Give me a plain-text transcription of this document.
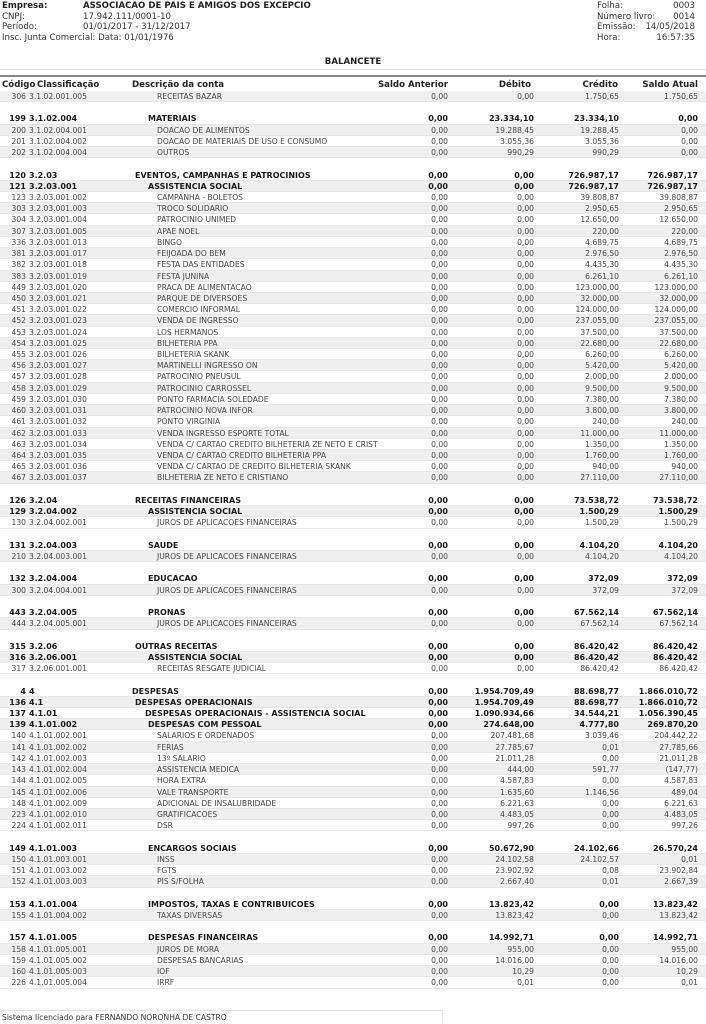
Empresa:	ASSOCIACAO DE PAIS E AMIGOS DOS EXCEPCIO
CNPJ:	17.942.111/0001-10
Período:	01/01/2017 - 31/12/2017
Insc. Junta Comercial: Data: 01/01/1976
Folha:	0003
Número livro: 0014
Emissão: 14/05/2018
Hora:	16:57:35
BALANCETE
Código Classificação	Descrição da conta	Saldo Anterior	Débito	Crédito	Saldo Atual
306 3.1.02.001.005	RECEITAS BAZAR	0,00	0,00	1.750,65	1.750,65
199 3.1.02.004	MATERIAIS	0,00	23.334,10	23.334,10	0,00
200 3.1.02.004.001	DOACAO DE ALIMENTOS	0,00	19.288,45	19.288,45	0,00
201 3.1.02.004.002	DOACAO DE MATERIAIS DE USO E CONSUMO	0,00	3.055,36	3.055,36	0,00
202 3.1.02.004.004	OUTROS	0,00	990,29	990,29	0,00
120 3.2.03	EVENTOS, CAMPANHAS E PATROCINIOS	0,00	0,00	726.987,17	726.987,17
121 3.2.03.001	ASSISTENCIA SOCIAL	0,00	0,00	726.987,17	726.987,17
123 3.2.03.001.002	CAMPANHA - BOLETOS	0,00	0,00	39.808,87	39.808,87
303 3.2.03.001.003	TROCO SOLIDARIO	0,00	0,00	2.950,65	2.950,65
304 3.2.03.001.004	PATROCINIO UNIMED	0,00	0,00	12.650,00	12.650,00
307 3.2.03.001.005	APAE NOEL	0,00	0,00	220,00	220,00
336 3.2.03.001.013	BINGO	0,00	0,00	4.689,75	4.689,75
381 3.2.03.001.017	FEIJOADA DO BEM	0,00	0,00	2.976,50	2.976,50
382 3.2.03.001.018	FESTA DAS ENTIDADES	0,00	0,00	4.435,30	4.435,30
383 3.2.03.001.019	FESTA JUNINA	0,00	0,00	6.261,10	6.261,10
449 3.2.03.001.020	PRACA DE ALIMENTACAO	0,00	0,00	123.000,00	123.000,00
450 3.2.03.001.021	PARQUE DE DIVERSOES	0,00	0,00	32.000,00	32.000,00
451 3.2.03.001.022	COMERCIO INFORMAL	0,00	0,00	124.000,00	124.000,00
452 3.2.03.001.023	VENDA DE INGRESSO	0,00	0,00	237.055,00	237.055,00
453 3.2.03.001.024	LOS HERMANOS	0,00	0,00	37.500,00	37.500,00
454 3.2.03.001.025	BILHETERIA PPA	0,00	0,00	22.680,00	22.680,00
455 3.2.03.001.026	BILHETERIA SKANK	0,00	0,00	6.260,00	6.260,00
456 3.2.03.001.027	MARTINELLI INGRESSO ON	0,00	0,00	5.420,00	5.420,00
457 3.2.03.001.028	PATROCINIO PNEUSUL	0,00	0,00	2.000,00	2.000,00
458 3.2.03.001.029	PATROCINIO CARROSSEL	0,00	0,00	9.500,00	9.500,00
459 3.2.03.001.030	PONTO FARMACIA SOLEDADE	0,00	0,00	7.380,00	7.380,00
460 3.2.03.001.031	PATROCINIO NOVA INFOR	0,00	0,00	3.800,00	3.800,00
461 3.2.03.001.032	PONTO VIRGINIA	0,00	0,00	240,00	240,00
462 3.2.03.001.033	VENDA INGRESSO ESPORTE TOTAL	0,00	0,00	11.000,00	11.000,00
463 3.2.03.001.034	VENDA C/ CARTAO CREDITO BILHETERIA ZE NETO E CRIST	0,00	0,00	1.350,00	1.350,00
464 3.2.03.001.035	VENDA C/ CARTAO CREDITO BILHETERIA PPA	0,00	0,00	1.760,00	1.760,00
465 3.2.03.001.036	VENDA C/ CARTAO DE CREDITO BILHETERIA SKANK	0,00	0,00	940,00	940,00
467 3.2.03.001.037	BILHETERIA ZE NETO E CRISTIANO	0,00	0,00	27.110,00	27.110,00
126 3.2.04	RECEITAS FINANCEIRAS	0,00	0,00	73.538,72	73.538,72
129 3.2.04.002	ASSISTENCIA SOCIAL	0,00	0,00	1.500,29	1.500,29
130 3.2.04.002.001	JUROS DE APLICACOES FINANCEIRAS	0,00	0,00	1.500,29	1.500,29
131 3.2.04.003	SAUDE	0,00	0,00	4.104,20	4.104,20
210 3.2.04.003.001	JUROS DE APLICACOES FINANCEIRAS	0,00	0,00	4.104,20	4.104,20
132 3.2.04.004	EDUCACAO	0,00	0,00	372,09	372,09
300 3.2.04.004.001	JUROS DE APLICACOES FINANCEIRAS	0,00	0,00	372,09	372,09
443 3.2.04.005	PRONAS	0,00	0,00	67.562,14	67.562,14
444 3.2.04.005.001	JUROS DE APLICACOES FINANCEIRAS	0,00	0,00	67.562,14	67.562,14
315 3.2.06	OUTRAS RECEITAS	0,00	0,00	86.420,42	86.420,42
316 3.2.06.001	ASSISTENCIA SOCIAL	0,00	0,00	86.420,42	86.420,42
317 3.2.06.001.001	RECEITAS RESGATE JUDICIAL	0,00	0,00	86.420,42	86.420,42
4 4	DESPESAS	0,00	1.954.709,49	88.698,77 1.866.010,72
136 4.1	DESPESAS OPERACIONAIS	0,00	1.954.709,49	88.698,77 1.866.010,72
137 4.1.01	DESPESAS OPERACIONAIS - ASSISTENCIA SOCIAL	0,00	1.090.934,66	34.544,21 1.056.390,45
139 4.1.01.002	DESPESAS COM PESSOAL	0,00	274.648,00	4.777,80	269.870,20
140 4.1.01.002.001	SALARIOS E ORDENADOS	0,00	207.481,68	3.039,46	204.442,22
141 4.1.01.002.002	FERIAS	0,00	27.785,67	0,01	27.785,66
142 4.1.01.002.003	13º SALARIO	0,00	21.011,28	0,00	21.011,28
143 4.1.01.002.004	ASSISTENCIA MEDICA	0,00	444,00	591,77	(147,77)
144 4.1.01.002.005	HORA EXTRA	0,00	4.587,83	0,00	4.587,83
145 4.1.01.002.006	VALE TRANSPORTE	0,00	1.635,60	1.146,56	489,04
148 4.1.01.002.009	ADICIONAL DE INSALUBRIDADE	0,00	6.221,63	0,00	6.221,63
223 4.1.01.002.010	GRATIFICACOES	0,00	4.483,05	0,00	4.483,05
224 4.1.01.002.011	DSR	0,00	997,26	0,00	997,26
149 4.1.01.003	ENCARGOS SOCIAIS	0,00	50.672,90	24.102,66	26.570,24
150 4.1.01.003.001	INSS	0,00	24.102,58	24.102,57	0,01
151 4.1.01.003.002	FGTS	0,00	23.902,92	0,08	23.902,84
152 4.1.01.003.003	PIS S/FOLHA	0,00	2.667,40	0,01	2.667,39
153 4.1.01.004	IMPOSTOS, TAXAS E CONTRIBUICOES	0,00	13.823,42	0,00	13.823,42
155 4.1.01.004.002	TAXAS DIVERSAS	0,00	13.823,42	0,00	13.823,42
157 4.1.01.005	DESPESAS FINANCEIRAS	0,00	14.992,71	0,00	14.992,71
158 4.1.01.005.001	JUROS DE MORA	0,00	955,00	0,00	955,00
159 4.1.01.005.002	DESPESAS BANCARIAS	0,00	14.016,00	0,00	14.016,00
160 4.1.01.005.003	IOF	0,00	10,29	0,00	10,29
226 4.1.01.005.004	IRRF	0,00	0,01	0,00	0,01
Sistema licenciado para FERNANDO NORONHA DE CASTRO
